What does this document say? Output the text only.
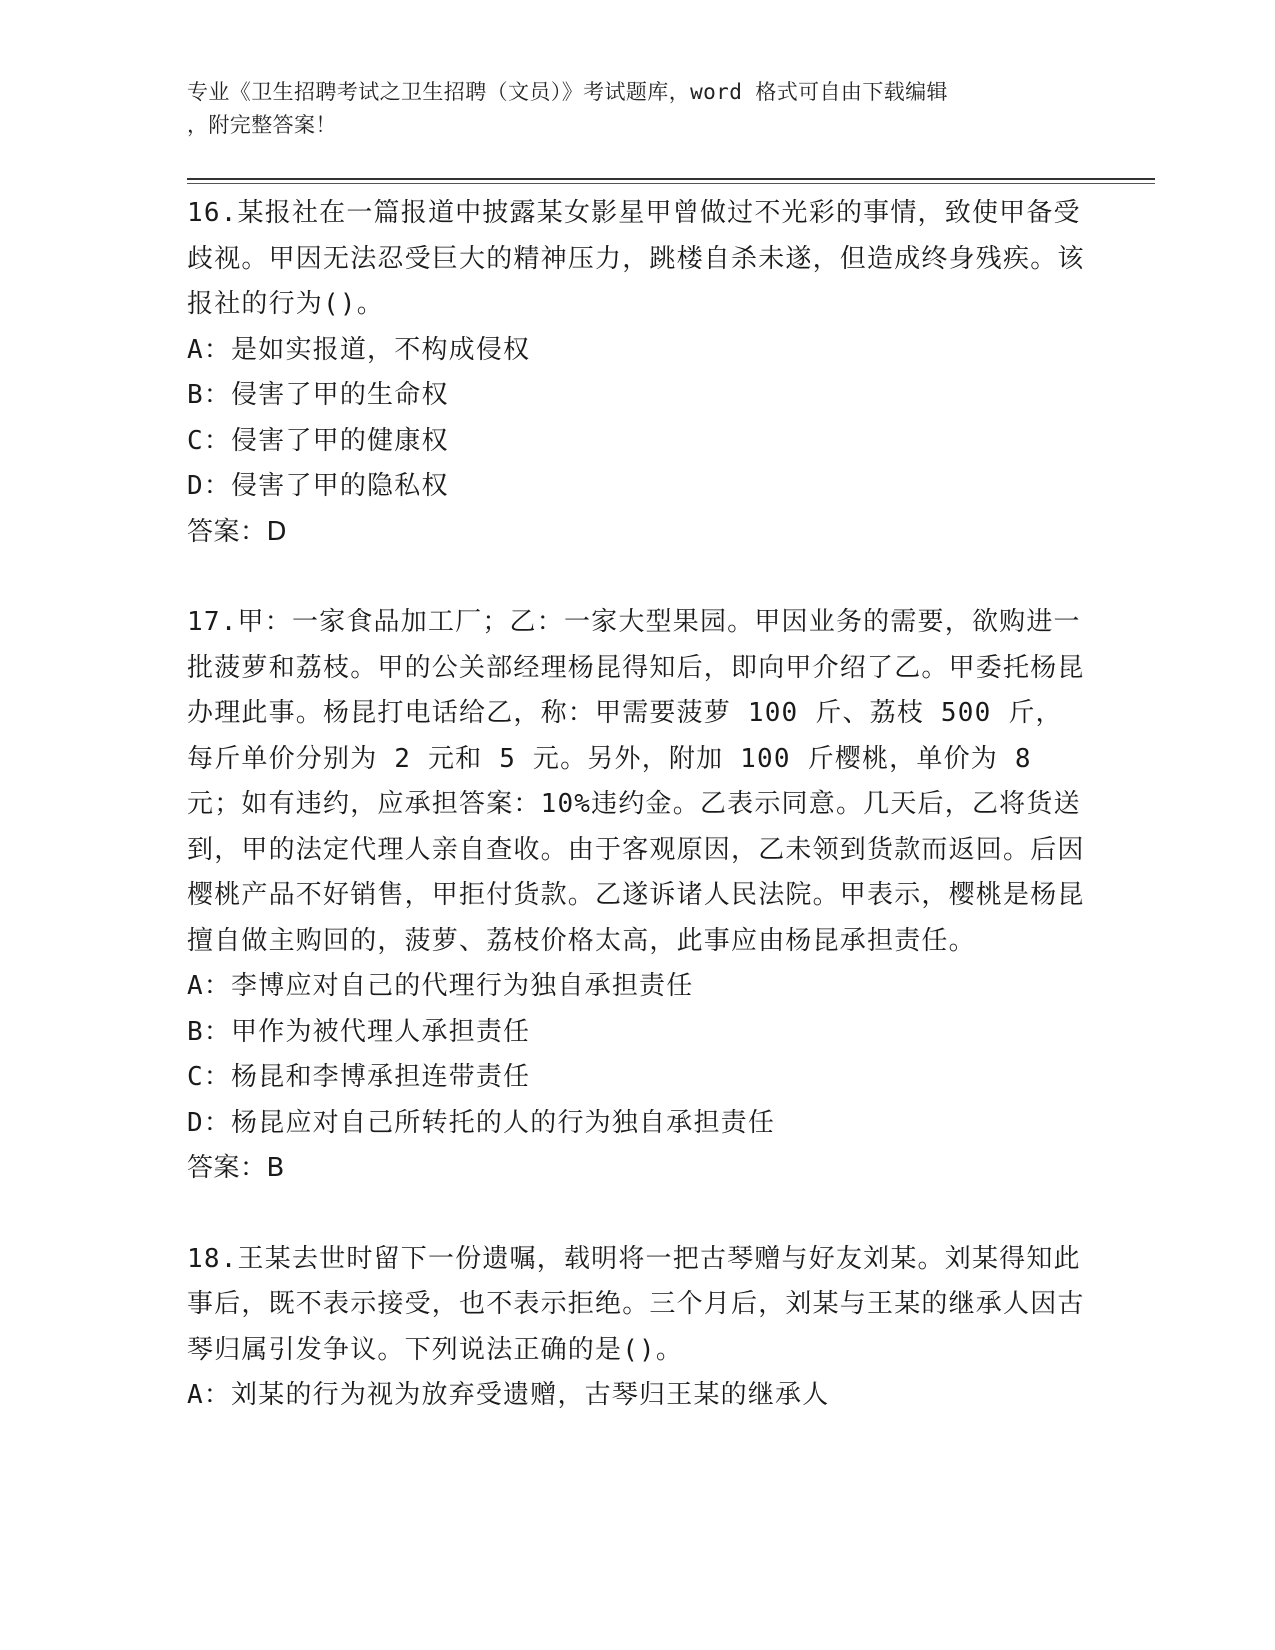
专业《卫生招聘考试之卫生招聘（文员）》考试题库，word 格式可自由下载编辑
，附完整答案！

16.某报社在一篇报道中披露某女影星甲曾做过不光彩的事情，致使甲备受歧视。甲因无法忍受巨大的精神压力，跳楼自杀未遂，但造成终身残疾。该报社的行为()。

A：是如实报道，不构成侵权
B：侵害了甲的生命权
C：侵害了甲的健康权
D：侵害了甲的隐私权

答案：D

17.甲：一家食品加工厂；乙：一家大型果园。甲因业务的需要，欲购进一批菠萝和荔枝。甲的公关部经理杨昆得知后，即向甲介绍了乙。甲委托杨昆办理此事。杨昆打电话给乙，称：甲需要菠萝 100 斤、荔枝 500 斤，每斤单价分别为 2 元和 5 元。另外，附加 100 斤樱桃，单价为 8 元；如有违约，应承担答案：10%违约金。乙表示同意。几天后，乙将货送到，甲的法定代理人亲自查收。由于客观原因，乙未领到货款而返回。后因樱桃产品不好销售，甲拒付货款。乙遂诉诸人民法院。甲表示，樱桃是杨昆擅自做主购回的，菠萝、荔枝价格太高，此事应由杨昆承担责任。

A：李博应对自己的代理行为独自承担责任
B：甲作为被代理人承担责任
C：杨昆和李博承担连带责任
D：杨昆应对自己所转托的人的行为独自承担责任

答案：B

18.王某去世时留下一份遗嘱，载明将一把古琴赠与好友刘某。刘某得知此事后，既不表示接受，也不表示拒绝。三个月后，刘某与王某的继承人因古琴归属引发争议。下列说法正确的是()。

A：刘某的行为视为放弃受遗赠，古琴归王某的继承人
